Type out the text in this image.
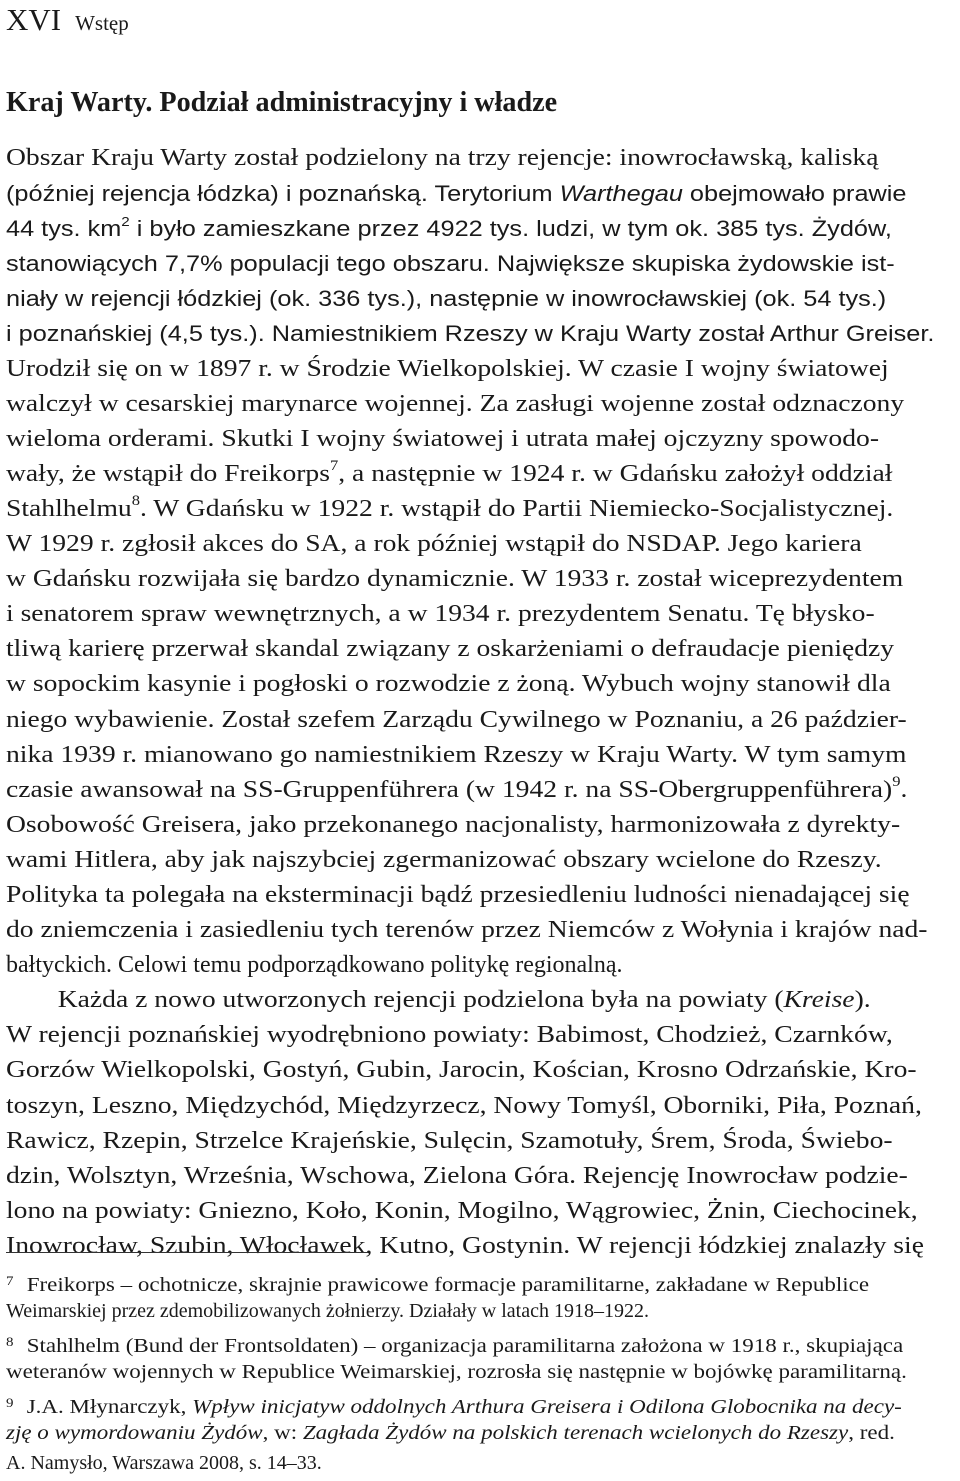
XVI Wstęp
Kraj Warty. Podział administracyjny i władze
Obszar Kraju Warty został podzielony na trzy rejencje: inowrocławską, kaliską
(później rejencja łódzka) i poznańską. Terytorium Warthegau obejmowało prawie
44 tys. $km^2$ i było zamieszkane przez 4922 tys. ludzi, w tym ok. 385 tys. Żydów,
stanowiących 7,7% populacji tego obszaru. Największe skupiska żydowskie ist-
niały w rejencji łódzkiej (ok. 336 tys.), następnie w inowrocławskiej (ok. 54 tys.)
i poznańskiej (4,5 tys.). Namiestnikiem Rzeszy w Kraju Warty został Arthur Greiser.
Urodził się on w 1897 r. w Środzie Wielkopolskiej. W czasie I wojny światowej
walczył w cesarskiej marynarce wojennej. Za zasługi wojenne został odznaczony
wieloma orderami. Skutki I wojny światowej i utrata małej ojczyzny spowodo-
wały, że wstąpił do Freikorps$^7$, a następnie w 1924 r. w Gdańsku założył oddział
Stahlhelmu$^8$. W Gdańsku w 1922 r. wstąpił do Partii Niemiecko-Socjalistycznej.
W 1929 r. zgłosił akces do SA, a rok później wstąpił do NSDAP. Jego kariera
w Gdańsku rozwijała się bardzo dynamicznie. W 1933 r. został wiceprezydentem
i senatorem spraw wewnętrznych, a w 1934 r. prezydentem Senatu. Tę błysko-
tliwą karierę przerwał skandal związany z oskarżeniami o defraudacje pieniędzy
w sopockim kasynie i pogłoski o rozwodzie z żoną. Wybuch wojny stanowił dla
niego wybawienie. Został szefem Zarządu Cywilnego w Poznaniu, a 26 paździer-
nika 1939 r. mianowano go namiestnikiem Rzeszy w Kraju Warty. W tym samym
czasie awansował na SS-Gruppenführera (w 1942 r. na SS-Obergruppenführera)$^9$.
Osobowość Greisera, jako przekonanego nacjonalisty, harmonizowała z dyrekty-
wami Hitlera, aby jak najszybciej zgermanizować obszary wcielone do Rzeszy.
Polityka ta polegała na eksterminacji bądź przesiedleniu ludności nienadającej się
do zniemczenia i zasiedleniu tych terenów przez Niemców z Wołynia i krajów nad-
bałtyckich. Celowi temu podporządkowano politykę regionalną.
Każda z nowo utworzonych rejencji podzielona była na powiaty (Kreise).
W rejencji poznańskiej wyodrębniono powiaty: Babimost, Chodzież, Czarnków,
Gorzów Wielkopolski, Gostyń, Gubin, Jarocin, Kościan, Krosno Odrzańskie, Kro-
toszyn, Leszno, Międzychód, Międzyrzecz, Nowy Tomyśl, Oborniki, Piła, Poznań,
Rawicz, Rzepin, Strzelce Krajeńskie, Sulęcin, Szamotuły, Śrem, Środa, Świebo-
dzin, Wolsztyn, Września, Wschowa, Zielona Góra. Rejencję Inowrocław podzie-
lono na powiaty: Gniezno, Koło, Konin, Mogilno, Wągrowiec, Żnin, Ciechocinek,
Inowrocław, Szubin, Włocławek, Kutno, Gostynin. W rejencji łódzkiej znalazły się
7 Freikorps – ochotnicze, skrajnie prawicowe formacje paramilitarne, zakładane w Republice
Weimarskiej przez zdemobilizowanych żołnierzy. Działały w latach 1918–1922.
8 Stahlhelm (Bund der Frontsoldaten) – organizacja paramilitarna założona w 1918 r., skupiająca
weteranów wojennych w Republice Weimarskiej, rozrosła się następnie w bojówkę paramilitarną.
9 J.A. Młynarczyk, Wpływ inicjatyw oddolnych Arthura Greisera i Odilona Globocnika na decy-
zję o wymordowaniu Żydów, w: Zagłada Żydów na polskich terenach wcielonych do Rzeszy, red.
A. Namysło, Warszawa 2008, s. 14–33.
